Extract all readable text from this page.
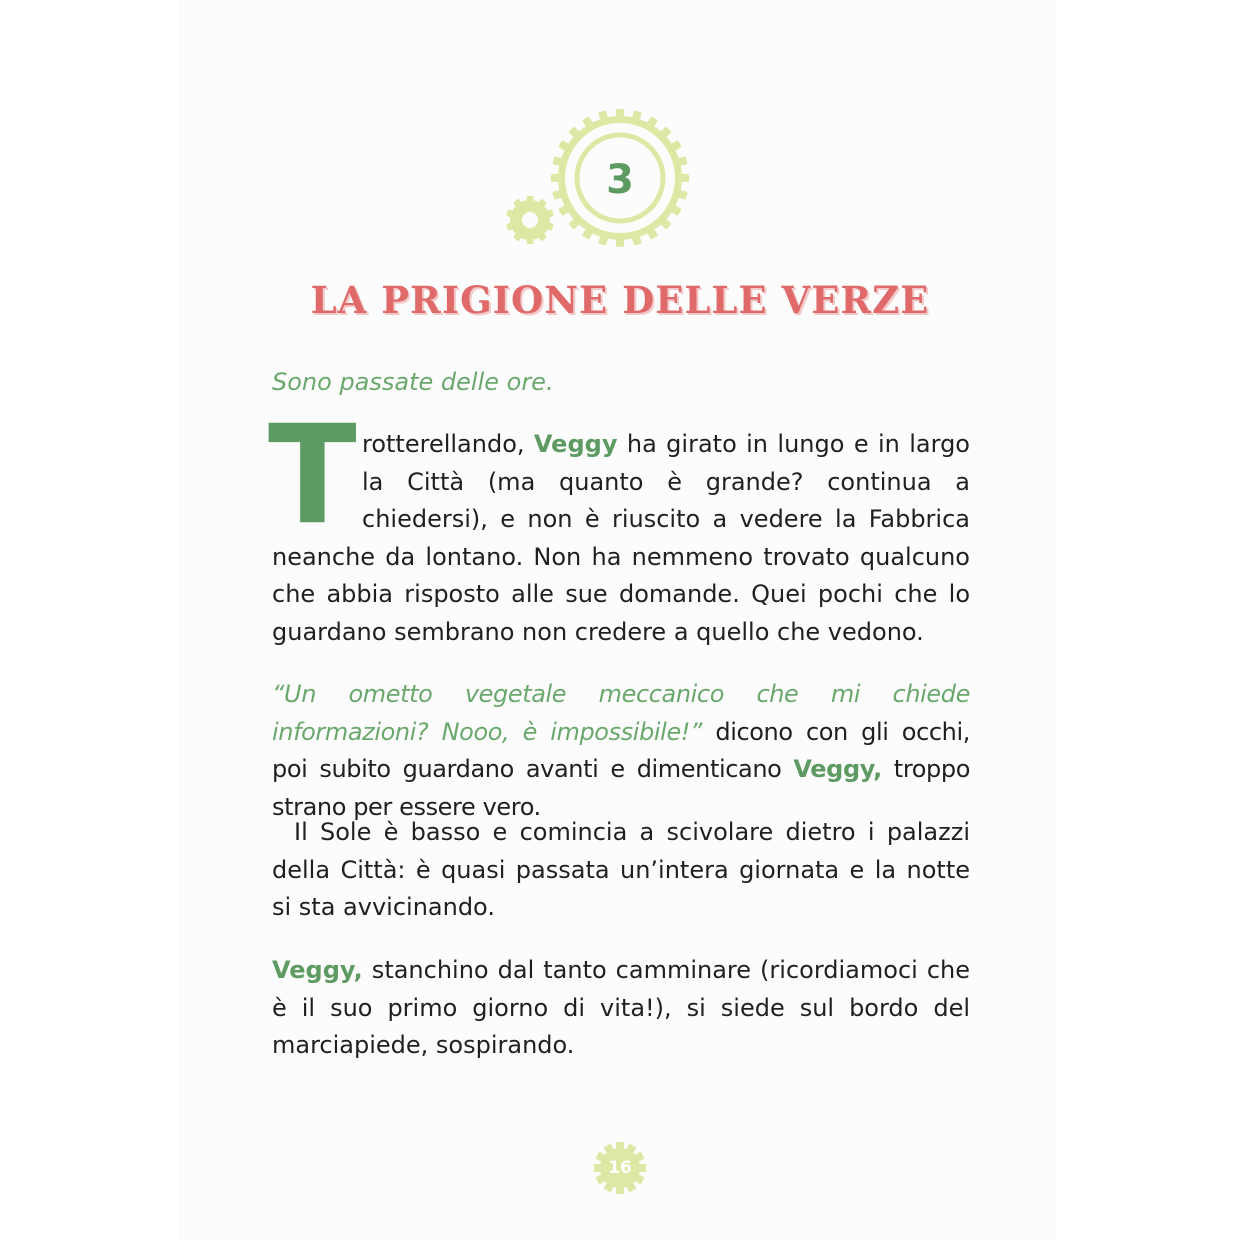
3
LA PRIGIONE DELLE VERZE
Sono passate delle ore.
Trotterellando, Veggy ha girato in lungo e in largo la Città (ma quanto è grande? continua a chiedersi), e non è riuscito a vedere la Fabbrica neanche da lontano. Non ha nemmeno trovato qualcuno che abbia risposto alle sue domande. Quei pochi che lo guardano sembrano non credere a quello che vedono.
“Un ometto vegetale meccanico che mi chiede informazioni? Nooo, è impossibile!” dicono con gli occhi, poi subito guardano avanti e dimenticano Veggy, troppo strano per essere vero.
Il Sole è basso e comincia a scivolare dietro i palazzi della Città: è quasi passata un’intera giornata e la notte si sta avvicinando.
Veggy, stanchino dal tanto camminare (ricordiamoci che è il suo primo giorno di vita!), si siede sul bordo del marciapiede, sospirando.
16
